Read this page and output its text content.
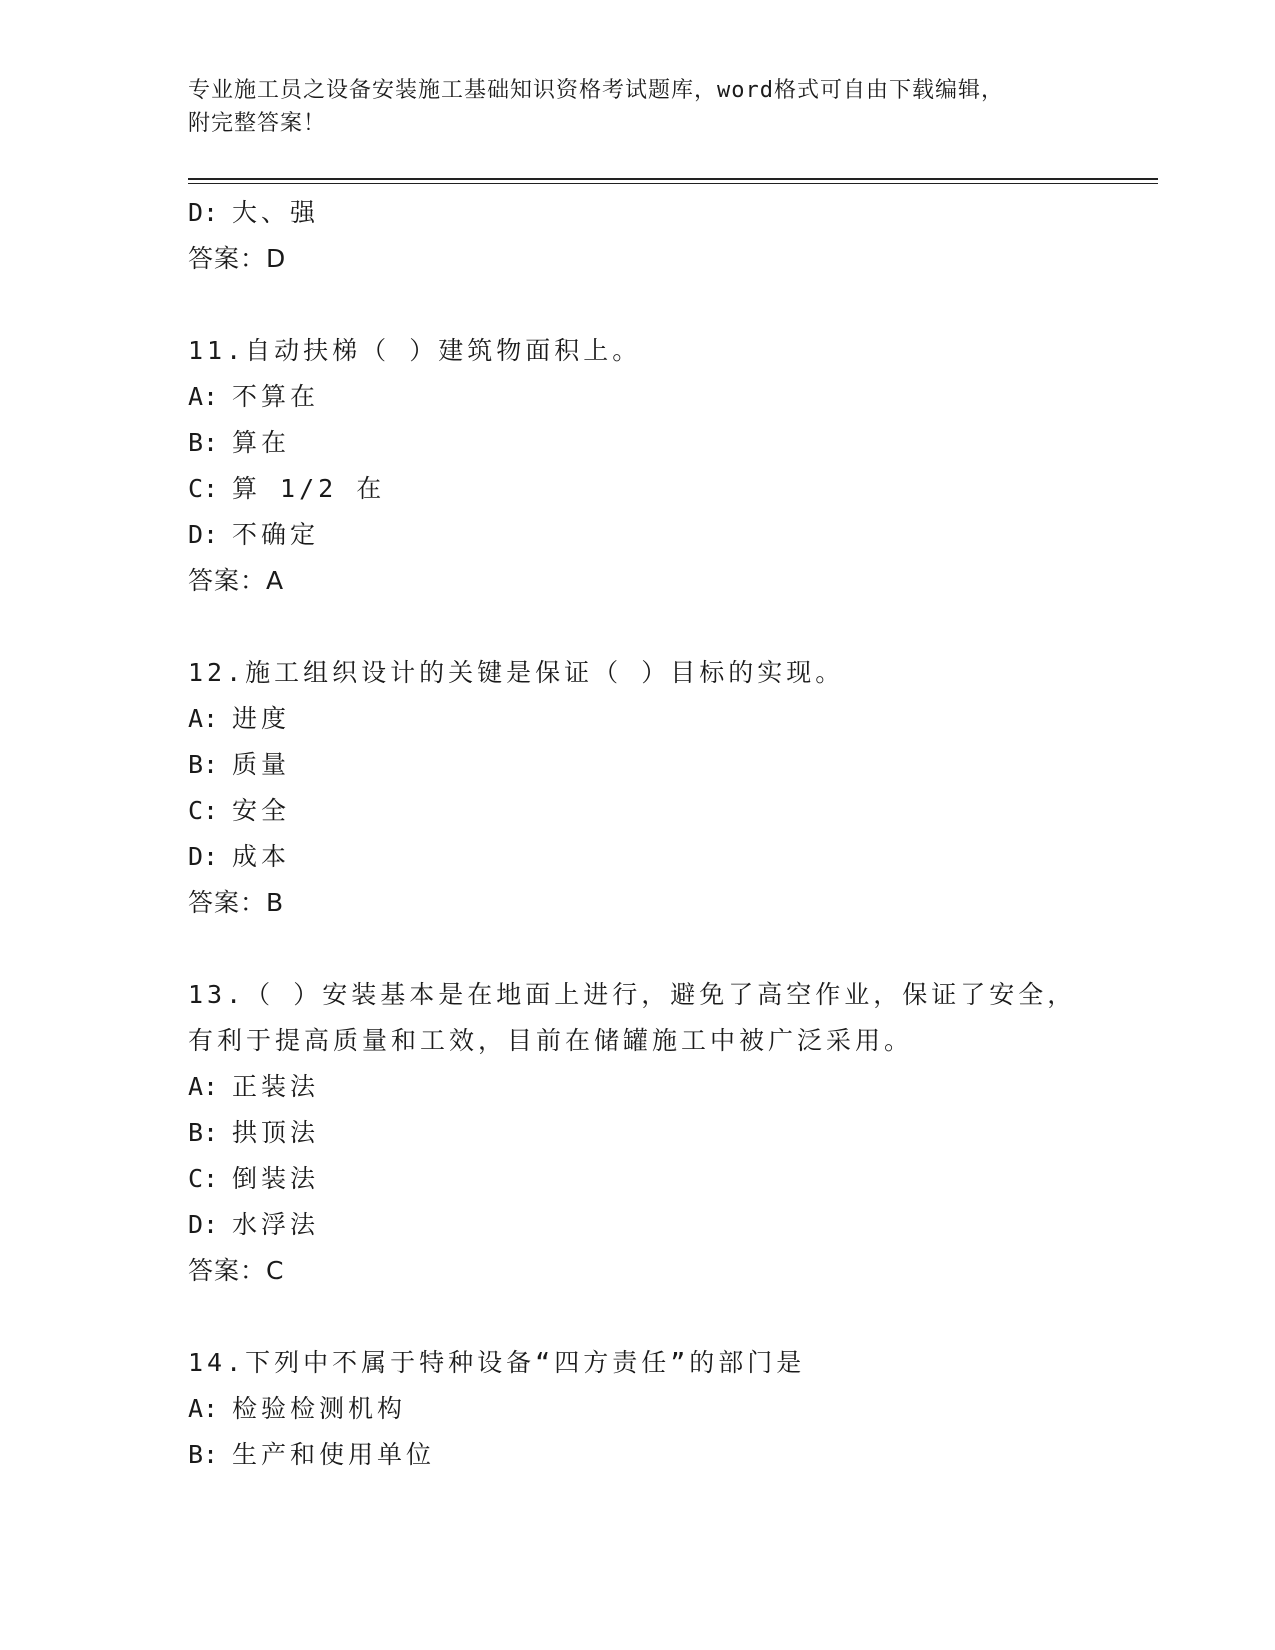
专业施工员之设备安装施工基础知识资格考试题库，word格式可自由下载编辑，
附完整答案！
D: 大、强
答案：D
11.自动扶梯（ ）建筑物面积上。
A: 不算在
B: 算在
C: 算 1/2 在
D: 不确定
答案：A
12.施工组织设计的关键是保证（ ）目标的实现。
A: 进度
B: 质量
C: 安全
D: 成本
答案：B
13.（ ）安装基本是在地面上进行，避免了高空作业，保证了安全，
有利于提高质量和工效，目前在储罐施工中被广泛采用。
A: 正装法
B: 拱顶法
C: 倒装法
D: 水浮法
答案：C
14.下列中不属于特种设备“四方责任”的部门是
A: 检验检测机构
B: 生产和使用单位
